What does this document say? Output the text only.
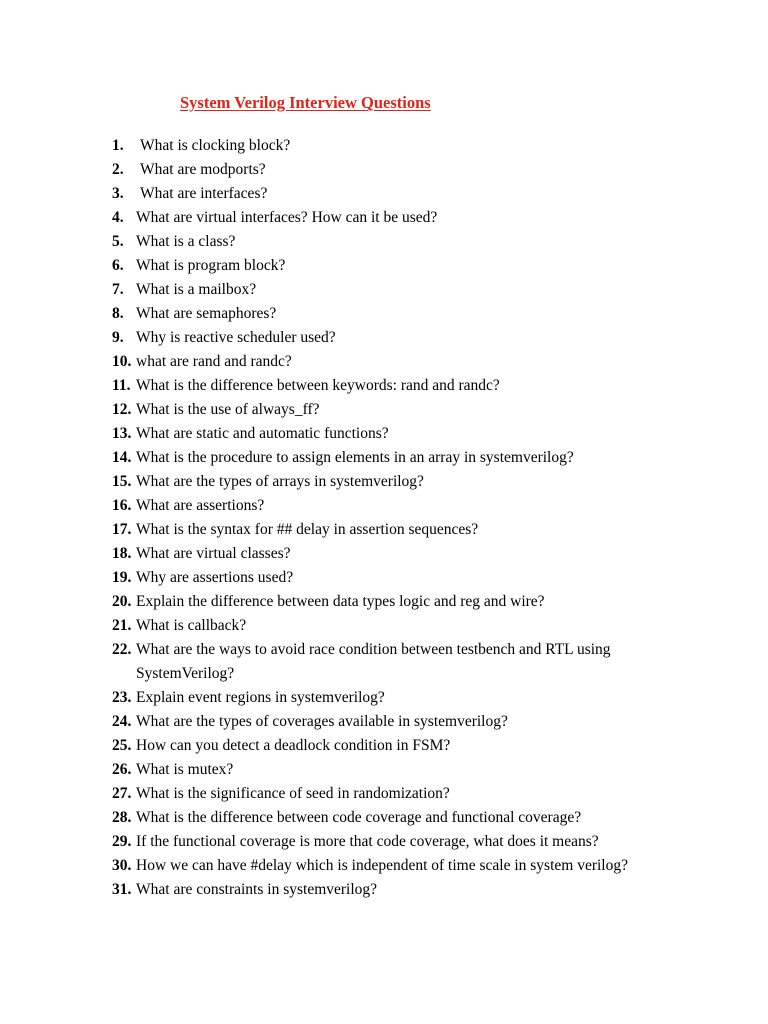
System Verilog Interview Questions
1.	What is clocking block?
2.	What are modports?
3.	What are interfaces?
4. What are virtual interfaces? How can it be used?
5. What is a class?
6. What is program block?
7. What is a mailbox?
8. What are semaphores?
9. Why is reactive scheduler used?
10. what are rand and randc?
11. What is the difference between keywords: rand and randc?
12. What is the use of always_ff?
13. What are static and automatic functions?
14. What is the procedure to assign elements in an array in systemverilog?
15. What are the types of arrays in systemverilog?
16. What are assertions?
17. What is the syntax for ## delay in assertion sequences?
18. What are virtual classes?
19. Why are assertions used?
20. Explain the difference between data types logic and reg and wire?
21. What is callback?
22. What are the ways to avoid race condition between testbench and RTL using SystemVerilog?
23. Explain event regions in systemverilog?
24. What are the types of coverages available in systemverilog?
25. How can you detect a deadlock condition in FSM?
26. What is mutex?
27. What is the significance of seed in randomization?
28. What is the difference between code coverage and functional coverage?
29. If the functional coverage is more that code coverage, what does it means?
30. How we can have #delay which is independent of time scale in system verilog?
31. What are constraints in systemverilog?
